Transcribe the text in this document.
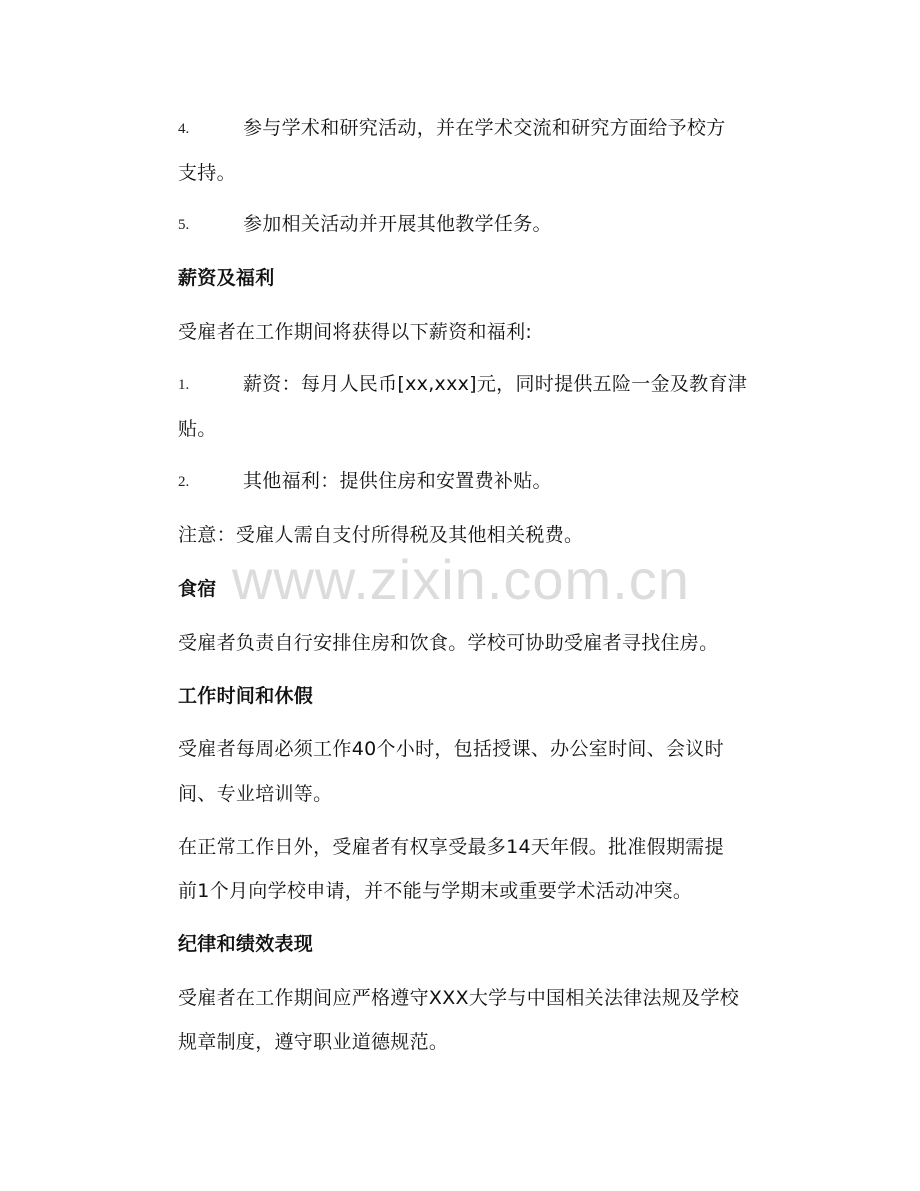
4.	参与学术和研究活动，并在学术交流和研究方面给予校方
支持。
5.	参加相关活动并开展其他教学任务。
薪资及福利
受雇者在工作期间将获得以下薪资和福利:
1.	薪资：每月人民币[xx,xxx]元，同时提供五险一金及教育津
贴。
2.	其他福利：提供住房和安置费补贴。
注意：受雇人需自支付所得税及其他相关税费。
食宿
受雇者负责自行安排住房和饮食。学校可协助受雇者寻找住房。
工作时间和休假
受雇者每周必须工作40个小时，包括授课、办公室时间、会议时
间、专业培训等。
在正常工作日外，受雇者有权享受最多14天年假。批准假期需提
前1个月向学校申请，并不能与学期末或重要学术活动冲突。
纪律和绩效表现
受雇者在工作期间应严格遵守XXX大学与中国相关法律法规及学校
规章制度，遵守职业道德规范。
www.zixin.com.cn
